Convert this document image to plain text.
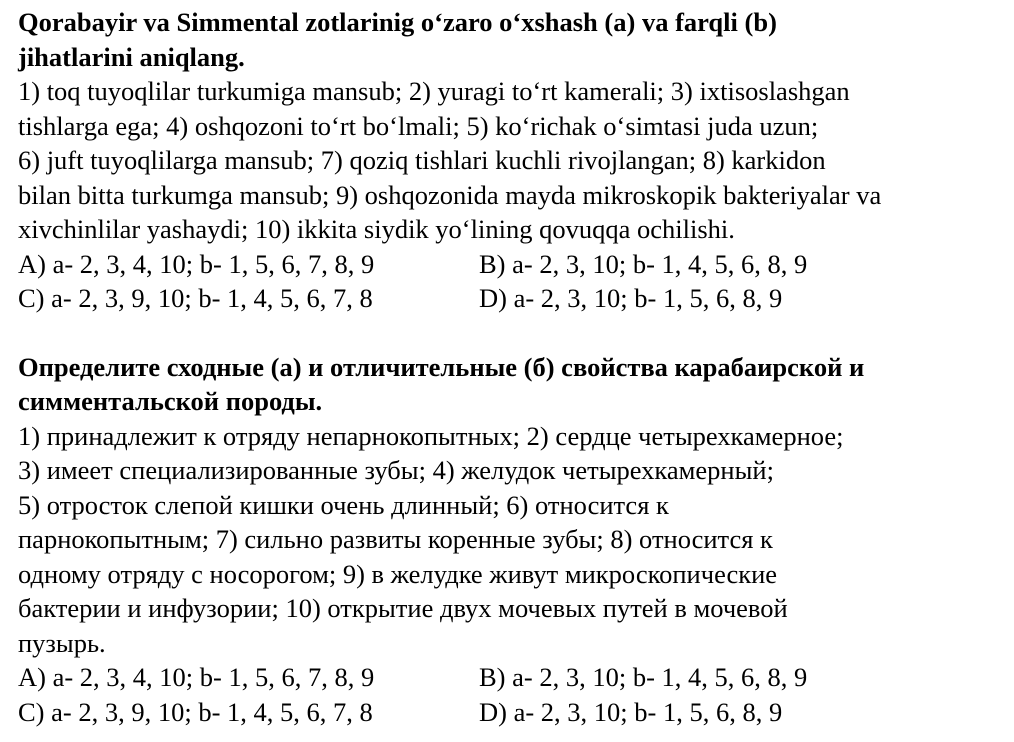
Qorabayir va Simmental zotlarinig o‘zaro o‘xshash (a) va farqli (b)
jihatlarini aniqlang.
1) toq tuyoqlilar turkumiga mansub; 2) yuragi to‘rt kamerali; 3) ixtisoslashgan
tishlarga ega; 4) oshqozoni to‘rt bo‘lmali; 5) ko‘richak o‘simtasi juda uzun;
6) juft tuyoqlilarga mansub; 7) qoziq tishlari kuchli rivojlangan; 8) karkidon
bilan bitta turkumga mansub; 9) oshqozonida mayda mikroskopik bakteriyalar va
xivchinlilar yashaydi; 10) ikkita siydik yo‘lining qovuqqa ochilishi.
A) a- 2, 3, 4, 10; b- 1, 5, 6, 7, 8, 9	B) a- 2, 3, 10; b- 1, 4, 5, 6, 8, 9
C) a- 2, 3, 9, 10; b- 1, 4, 5, 6, 7, 8	D) a- 2, 3, 10; b- 1, 5, 6, 8, 9
Определите сходные (а) и отличительные (б) свойства карабаирской и
симментальской породы.
1) принадлежит к отряду непарнокопытных; 2) сердце четырехкамерное;
3) имеет специализированные зубы; 4) желудок четырехкамерный;
5) отросток слепой кишки очень длинный; 6) относится к
парнокопытным; 7) сильно развиты коренные зубы; 8) относится к
одному отряду с носорогом; 9) в желудке живут микроскопические
бактерии и инфузории; 10) открытие двух мочевых путей в мочевой
пузырь.
A) a- 2, 3, 4, 10; b- 1, 5, 6, 7, 8, 9	B) a- 2, 3, 10; b- 1, 4, 5, 6, 8, 9
C) a- 2, 3, 9, 10; b- 1, 4, 5, 6, 7, 8	D) a- 2, 3, 10; b- 1, 5, 6, 8, 9
